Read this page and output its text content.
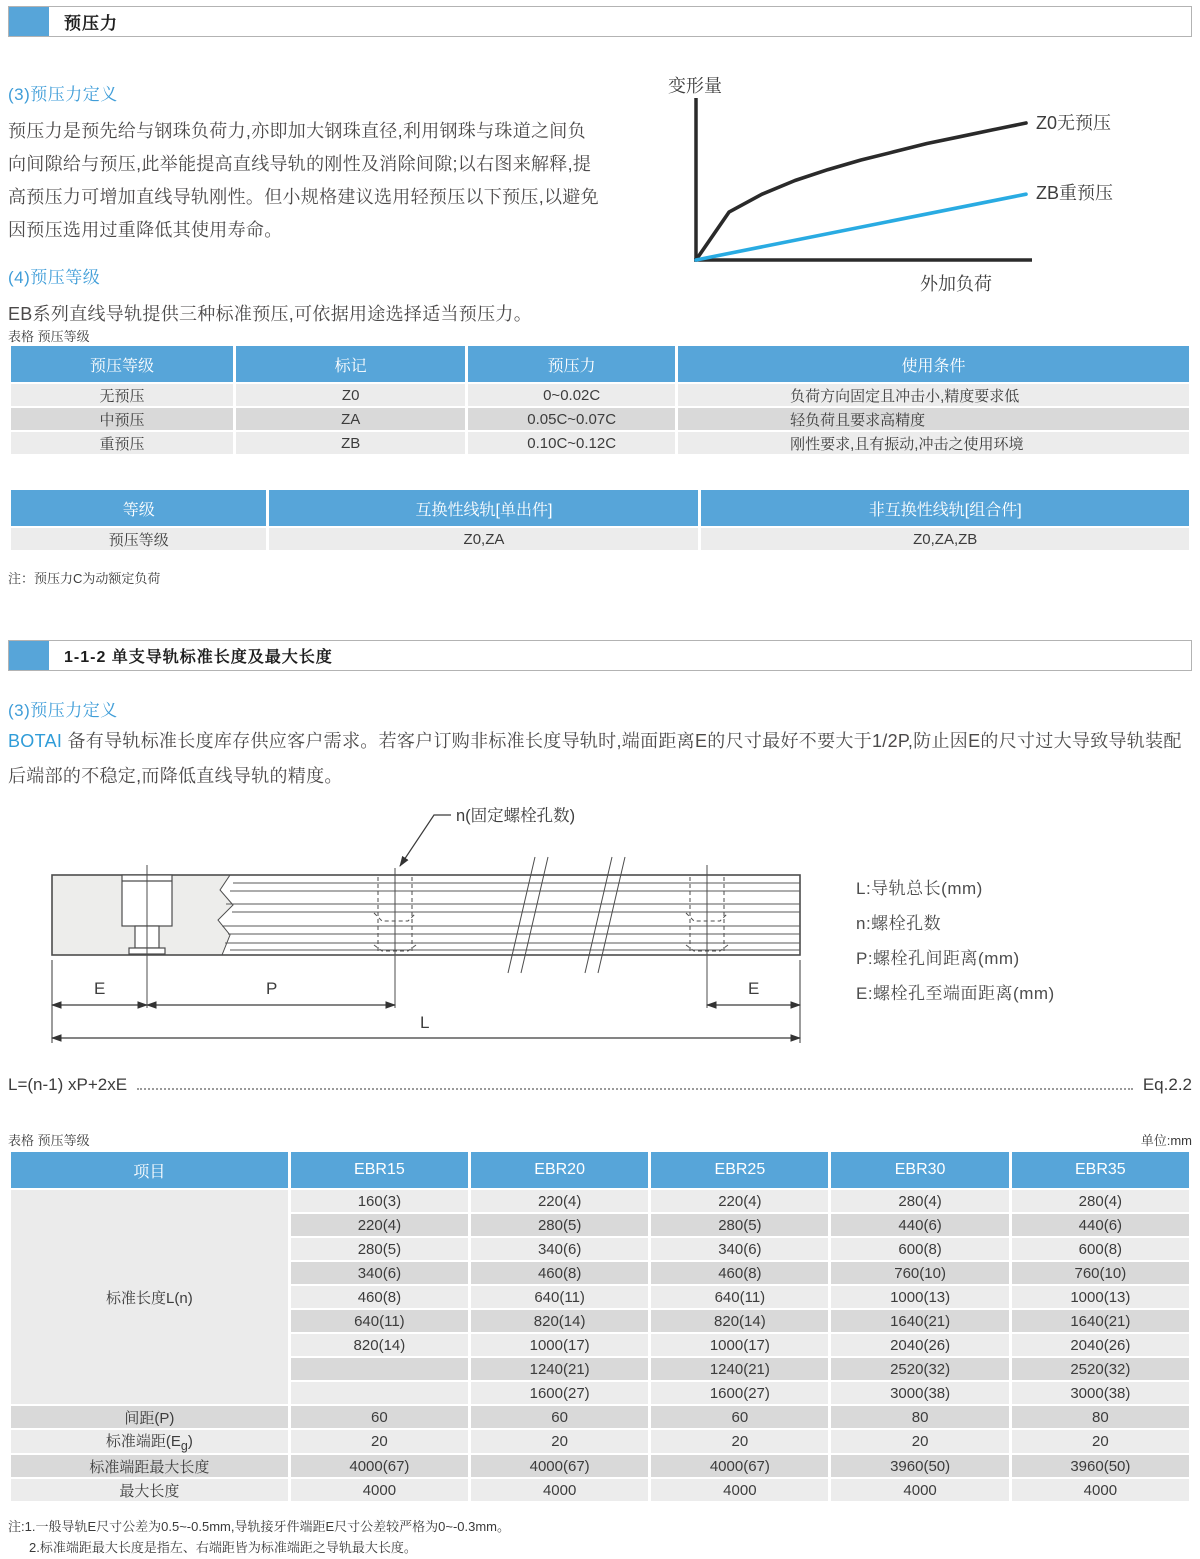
预压力
(3)预压力定义
预压力是预先给与钢珠负荷力,亦即加大钢珠直径,利用钢珠与珠道之间负向间隙给与预压,此举能提高直线导轨的刚性及消除间隙;以右图来解释,提高预压力可增加直线导轨刚性。但小规格建议选用轻预压以下预压,以避免因预压选用过重降低其使用寿命。
(4)预压等级
EB系列直线导轨提供三种标准预压,可依据用途选择适当预压力。
变形量
外加负荷
Z0无预压
ZB重预压
表格 预压等级
预压等级	标记	预压力	使用条件
无预压	Z0	0~0.02C	负荷方向固定且冲击小,精度要求低
中预压	ZA	0.05C~0.07C	轻负荷且要求高精度
重预压	ZB	0.10C~0.12C	刚性要求,且有振动,冲击之使用环境
等级	互换性线轨[单出件]	非互换性线轨[组合件]
预压等级	Z0,ZA	Z0,ZA,ZB
注：预压力C为动额定负荷
1-1-2 单支导轨标准长度及最大长度
(3)预压力定义
BOTAI 备有导轨标准长度库存供应客户需求。若客户订购非标准长度导轨时,端面距离E的尺寸最好不要大于1/2P,防止因E的尺寸过大导致导轨装配后端部的不稳定,而降低直线导轨的精度。
n(固定螺栓孔数)
E	P	E
L
L:导轨总长(mm)
n:螺栓孔数
P:螺栓孔间距离(mm)
E:螺栓孔至端面距离(mm)
L=(n-1) xP+2xE	Eq.2.2
表格 预压等级	单位:mm
项目	EBR15	EBR20	EBR25	EBR30	EBR35
标准长度L(n)	160(3)	220(4)	220(4)	280(4)	280(4)
	220(4)	280(5)	280(5)	440(6)	440(6)
	280(5)	340(6)	340(6)	600(8)	600(8)
	340(6)	460(8)	460(8)	760(10)	760(10)
	460(8)	640(11)	640(11)	1000(13)	1000(13)
	640(11)	820(14)	820(14)	1640(21)	1640(21)
	820(14)	1000(17)	1000(17)	2040(26)	2040(26)
		1240(21)	1240(21)	2520(32)	2520(32)
		1600(27)	1600(27)	3000(38)	3000(38)
间距(P)	60	60	60	80	80
标准端距$(E_g)$	20	20	20	20	20
标准端距最大长度	4000(67)	4000(67)	4000(67)	3960(50)	3960(50)
最大长度	4000	4000	4000	4000	4000
注:1.一般导轨E尺寸公差为0.5~-0.5mm,导轨接牙件端距E尺寸公差较严格为0~-0.3mm。
2.标准端距最大长度是指左、右端距皆为标准端距之导轨最大长度。
